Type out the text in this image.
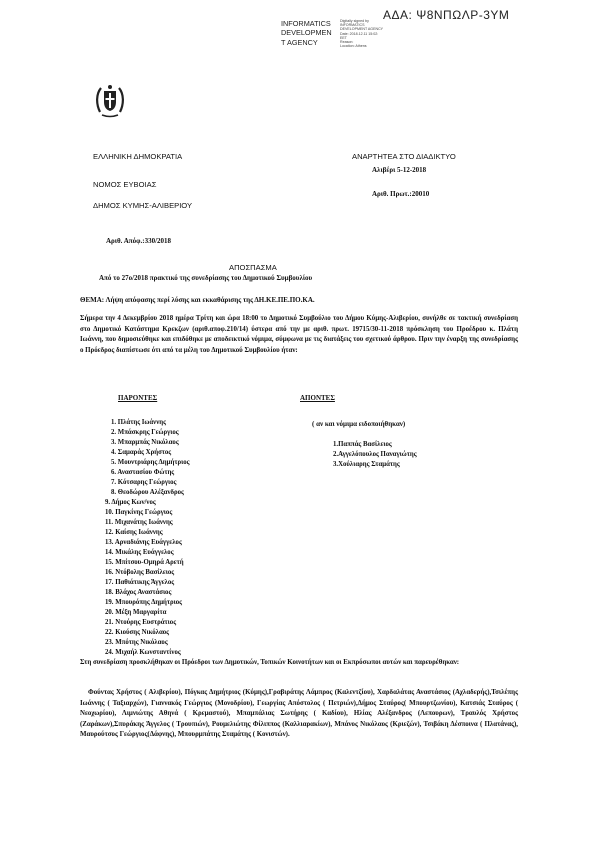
ΑΔΑ: Ψ8ΝΠΩΛΡ-3ΥΜ
INFORMATICS
DEVELOPMEN
T AGENCY
Digitally signed by
INFORMATICS
DEVELOPMENT AGENCY
Date: 2018.12.11 15:02:
EET
Reason:
Location: Athens
ΕΛΛΗΝΙΚΗ ΔΗΜΟΚΡΑΤΙΑ	ΑΝΑΡΤΗΤΕΑ ΣΤΟ ΔΙΑΔΙΚΤΥΟ
Αλιβέρι 5-12-2018
ΝΟΜΟΣ ΕΥΒΟΙΑΣ
Αριθ. Πρωτ.:20010
ΔΗΜΟΣ ΚΥΜΗΣ-ΑΛΙΒΕΡΙΟΥ
Αριθ. Απόφ.:330/2018
ΑΠΟΣΠΑΣΜΑ
Από το 27ο/2018 πρακτικό της συνεδρίασης του Δημοτικού Συμβουλίου
ΘΕΜΑ: Λήψη απόφασης περί λύσης και εκκαθάρισης της ΔΗ.ΚΕ.ΠΕ.ΠΟ.ΚΑ.
Σήμερα την 4 Δεκεμβρίου 2018 ημέρα Τρίτη και ώρα 18:00 το Δημοτικό Συμβούλιο του Δήμου Κύμης-Αλιβερίου, συνήλθε σε τακτική συνεδρίαση στο Δημοτικό Κατάστημα Κρεκζων (αριθ.αποφ.210/14) ύστερα από την με αριθ. πρωτ. 19715/30-11-2018 πρόσκληση του Προέδρου κ. Πλάτη Ιωάννη, που δημοσιεύθηκε και επιδόθηκε με αποδεικτικό νόμιμα, σύμφωνα με τις διατάξεις του σχετικού άρθρου. Πριν την έναρξη της συνεδρίασης ο Πρόεδρος διαπίστωσε ότι από τα μέλη του Δημοτικού Συμβουλίου ήταν:
ΠΑΡΟΝΤΕΣ	ΑΠΟΝΤΕΣ
( αν και νόμιμα ειδοποιήθηκαν)
1. Πλάτης Ιωάννης
2. Μπάσκρης Γεώργιος
3. Μπαρμπάς Νικόλαος
4. Σαμαράς Χρήστος
5. Μουντριάρης Δημήτριος
6. Αναστασίου Φώτης
7. Κότσαρης Γεώργιος
8. Θεοδώρου Αλέξανδρος
9. Δήμος Κων/νος
10. Παγκίνης Γεώργιος
11. Μιχανάτης Ιωάννης
12. Καίσης Ιωάννης
13. Αρναδιάνης Ευάγγελος
14. Μικάλης Ευάγγελος
15. Μπίτσου-Ομηρά Αρετή
16. Ντόβολης Βασίλειος
17. Παθιάτικης Άγγελος
18. Βλάχος Αναστάσιος
19. Μπουρόπης Δημήτριος
20. Μέξη Μαργαρίτα
21. Ντούρης Ευστράτιος
22. Κιούσης Νικόλαος
23. Μπότης Νικόλαος
24. Μιχαήλ Κωνσταντίνος
1.Παππάς Βασίλειος
2.Αγγελόπουλος Παναγιώτης
3.Χούλιαρης Σταμάτης
Στη συνεδρίαση προσκλήθηκαν οι Πρόεδροι των Δημοτικών, Τοπικών Κοινοτήτων και οι Εκπρόσωποι αυτών και παρευρέθηκαν:
Φούντας Χρήστος ( Αλιβερίου), Πόγκας Δημήτριος (Κύμης),Γραβιράτης Λάμπρος (Καλεντζίου), Χαρδαλάτας Αναστάσιος (Αχλαδερής),Τσιλέπης Ιωάννης ( Ταξιαρχών), Γιαννακός Γεώργιος (Μονοδρίου), Γεωργίας Απόστολος ( Πετριών),Δήμος Σταύρος( Μπουρτζωνίου), Κατσιάς Σταύρος ( Νεοχωρίου), Λιμνιώτης Αθηνά ( Κρεμαστού), Μπαμπάλιας Σωτήρης ( Καδίου), Ηλίας Αλέξανδρος (Λεπουρων), Τραυλός Χρήστος (Ζαράκων),Σπυράκης Άγγελος ( Τρουπιών), Ρουμελιώτης Φίλιππος (Καλλιαρακίων), Μπάνος Νικόλαος (Κριεζών), Τσιβάκη Δέσποινα ( Πλατάνας), Μαυρούτσος Γεώργιος(Δάφνης), Μπουρμπάτης Σταμάτης ( Κονιστών).
